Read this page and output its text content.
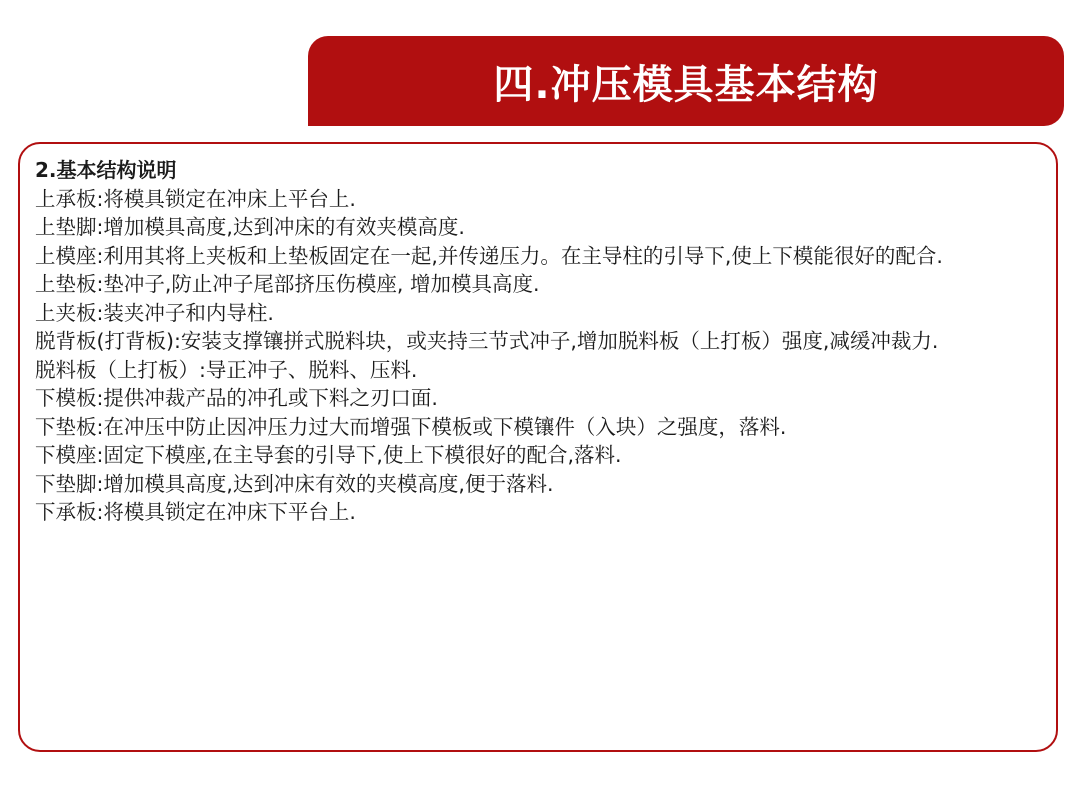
四.冲压模具基本结构
2.基本结构说明
上承板:将模具锁定在冲床上平台上.
上垫脚:增加模具高度,达到冲床的有效夹模高度.
上模座:利用其将上夹板和上垫板固定在一起,并传递压力。在主导柱的引导下,使上下模能很好的配合.
上垫板:垫冲子,防止冲子尾部挤压伤模座, 增加模具高度.
上夹板:装夹冲子和内导柱.
脱背板(打背板):安装支撑镶拼式脱料块，或夹持三节式冲子,增加脱料板（上打板）强度,减缓冲裁力.
脱料板（上打板）:导正冲子、脱料、压料.
下模板:提供冲裁产品的冲孔或下料之刃口面.
下垫板:在冲压中防止因冲压力过大而增强下模板或下模镶件（入块）之强度，落料.
下模座:固定下模座,在主导套的引导下,使上下模很好的配合,落料.
下垫脚:增加模具高度,达到冲床有效的夹模高度,便于落料.
下承板:将模具锁定在冲床下平台上.
